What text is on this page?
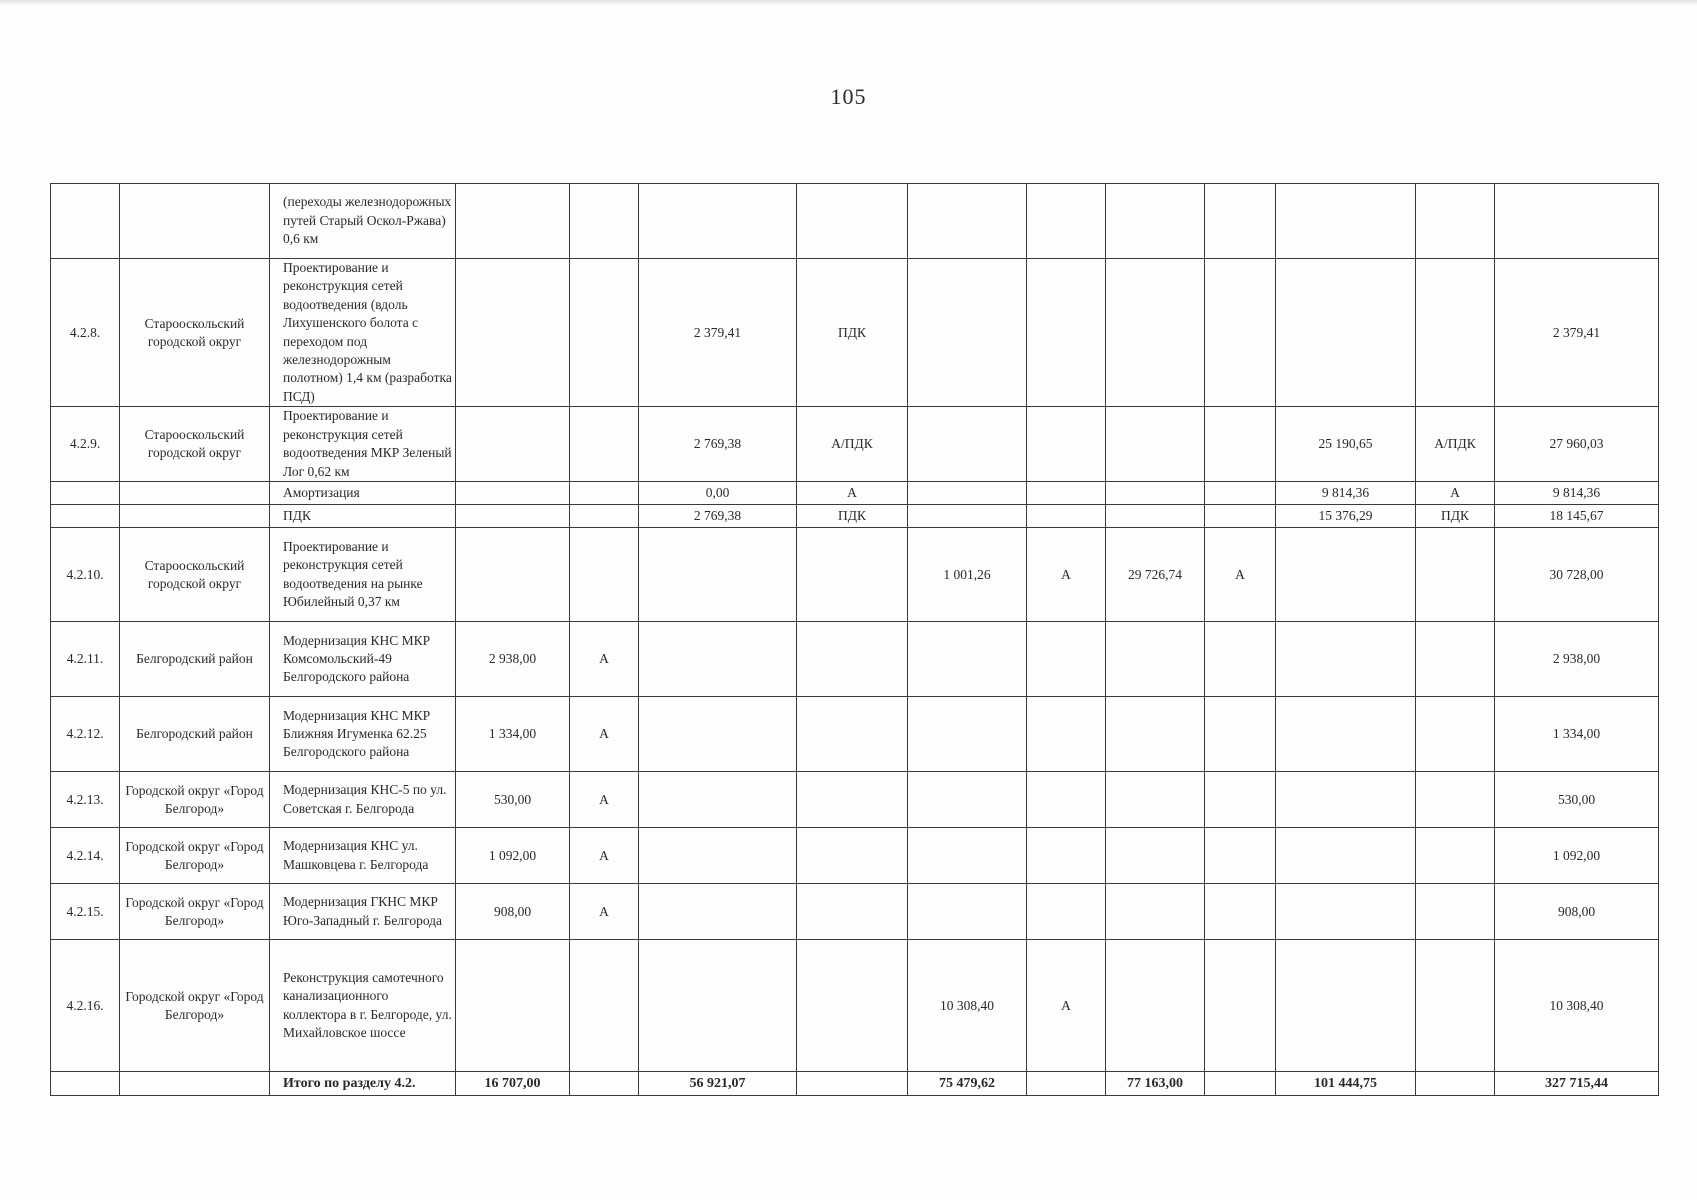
105
		(переходы железнодорожных путей Старый Оскол-Ржава) 0,6 км											
4.2.8.	Старооскольский городской округ	Проектирование и реконструкция сетей водоотведения (вдоль Лихушенского болота с переходом под железнодорожным полотном) 1,4 км (разработка ПСД)			2 379,41	ПДК							2 379,41
4.2.9.	Старооскольский городской округ	Проектирование и реконструкция сетей водоотведения МКР Зеленый Лог 0,62 км			2 769,38	А/ПДК					25 190,65	А/ПДК	27 960,03
		Амортизация			0,00	А					9 814,36	А	9 814,36
		ПДК			2 769,38	ПДК					15 376,29	ПДК	18 145,67
4.2.10.	Старооскольский городской округ	Проектирование и реконструкция сетей водоотведения на рынке Юбилейный 0,37 км					1 001,26	А	29 726,74	А			30 728,00
4.2.11.	Белгородский район	Модернизация КНС МКР Комсомольский-49 Белгородского района	2 938,00	А									2 938,00
4.2.12.	Белгородский район	Модернизация КНС МКР Ближняя Игуменка 62.25 Белгородского района	1 334,00	А									1 334,00
4.2.13.	Городской округ «Город Белгород»	Модернизация КНС-5 по ул. Советская г. Белгорода	530,00	А									530,00
4.2.14.	Городской округ «Город Белгород»	Модернизация КНС ул. Машковцева г. Белгорода	1 092,00	А									1 092,00
4.2.15.	Городской округ «Город Белгород»	Модернизация ГКНС МКР Юго-Западный г. Белгорода	908,00	А									908,00
4.2.16.	Городской округ «Город Белгород»	Реконструкция самотечного канализационного коллектора в г. Белгороде, ул. Михайловское шоссе					10 308,40	А					10 308,40
		Итого по разделу 4.2.	16 707,00		56 921,07		75 479,62		77 163,00		101 444,75		327 715,44
